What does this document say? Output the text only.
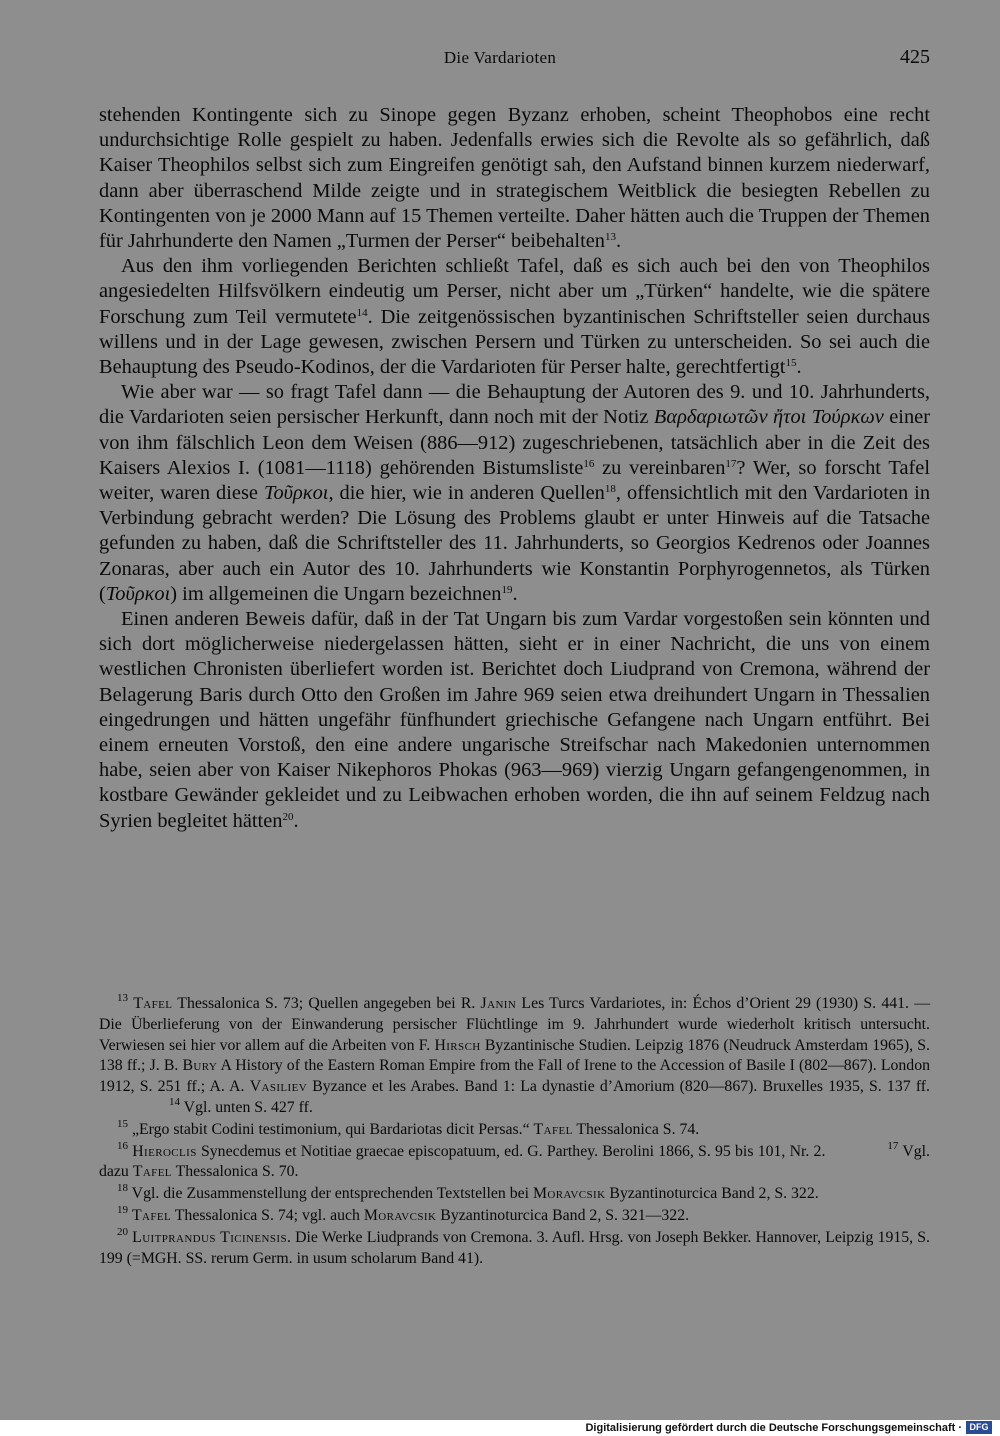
Die Vardarioten	425

stehenden Kontingente sich zu Sinope gegen Byzanz erhoben, scheint Theophobos eine recht undurchsichtige Rolle gespielt zu haben. Jedenfalls erwies sich die Revolte als so gefährlich, daß Kaiser Theophilos selbst sich zum Eingreifen genötigt sah, den Aufstand binnen kurzem niederwarf, dann aber überraschend Milde zeigte und in strategischem Weitblick die besiegten Rebellen zu Kontingenten von je 2000 Mann auf 15 Themen verteilte. Daher hätten auch die Truppen der Themen für Jahrhunderte den Namen „Turmen der Perser“ beibehalten$^{13}$.

Aus den ihm vorliegenden Berichten schließt Tafel, daß es sich auch bei den von Theophilos angesiedelten Hilfsvölkern eindeutig um Perser, nicht aber um „Türken“ handelte, wie die spätere Forschung zum Teil vermutete$^{14}$. Die zeitgenössischen byzantinischen Schriftsteller seien durchaus willens und in der Lage gewesen, zwischen Persern und Türken zu unterscheiden. So sei auch die Behauptung des Pseudo-Kodinos, der die Vardarioten für Perser halte, gerechtfertigt$^{15}$.

Wie aber war — so fragt Tafel dann — die Behauptung der Autoren des 9. und 10. Jahrhunderts, die Vardarioten seien persischer Herkunft, dann noch mit der Notiz Βαρδαριωτῶν ἤτοι Τούρκων einer von ihm fälschlich Leon dem Weisen (886—912) zugeschriebenen, tatsächlich aber in die Zeit des Kaisers Alexios I. (1081—1118) gehörenden Bistumsliste$^{16}$ zu vereinbaren$^{17}$? Wer, so forscht Tafel weiter, waren diese Τοῦρκοι, die hier, wie in anderen Quellen$^{18}$, offensichtlich mit den Vardarioten in Verbindung gebracht werden? Die Lösung des Problems glaubt er unter Hinweis auf die Tatsache gefunden zu haben, daß die Schriftsteller des 11. Jahrhunderts, so Georgios Kedrenos oder Joannes Zonaras, aber auch ein Autor des 10. Jahrhunderts wie Konstantin Porphyrogennetos, als Türken (Τοῦρκοι) im allgemeinen die Ungarn bezeichnen$^{19}$.

Einen anderen Beweis dafür, daß in der Tat Ungarn bis zum Vardar vorgestoßen sein könnten und sich dort möglicherweise niedergelassen hätten, sieht er in einer Nachricht, die uns von einem westlichen Chronisten überliefert worden ist. Berichtet doch Liudprand von Cremona, während der Belagerung Baris durch Otto den Großen im Jahre 969 seien etwa dreihundert Ungarn in Thessalien eingedrungen und hätten ungefähr fünfhundert griechische Gefangene nach Ungarn entführt. Bei einem erneuten Vorstoß, den eine andere ungarische Streifschar nach Makedonien unternommen habe, seien aber von Kaiser Nikephoros Phokas (963—969) vierzig Ungarn gefangengenommen, in kostbare Gewänder gekleidet und zu Leibwachen erhoben worden, die ihn auf seinem Feldzug nach Syrien begleitet hätten$^{20}$.

$^{13}$ Tafel Thessalonica S. 73; Quellen angegeben bei R. Janin Les Turcs Vardariotes, in: Échos d’Orient 29 (1930) S. 441. — Die Überlieferung von der Einwanderung persischer Flüchtlinge im 9. Jahrhundert wurde wiederholt kritisch untersucht. Verwiesen sei hier vor allem auf die Arbeiten von F. Hirsch Byzantinische Studien. Leipzig 1876 (Neudruck Amsterdam 1965), S. 138 ff.; J. B. Bury A History of the Eastern Roman Empire from the Fall of Irene to the Accession of Basile I (802—867). London 1912, S. 251 ff.; A. A. Vasiliev Byzance et les Arabes. Band 1: La dynastie d’Amorium (820—867). Bruxelles 1935, S. 137 ff.$^{14}$ Vgl. unten S. 427 ff.

$^{15}$ „Ergo stabit Codini testimonium, qui Bardariotas dicit Persas.“ Tafel Thessalonica S. 74.

$^{16}$ Hieroclis Synecdemus et Notitiae graecae episcopatuum, ed. G. Parthey. Berolini 1866, S. 95 bis 101, Nr. 2.	$^{17}$ Vgl. dazu Tafel Thessalonica S. 70.

$^{18}$ Vgl. die Zusammenstellung der entsprechenden Textstellen bei Moravcsik Byzantinoturcica Band 2, S. 322.

$^{19}$ Tafel Thessalonica S. 74; vgl. auch Moravcsik Byzantinoturcica Band 2, S. 321—322.

$^{20}$ Luitprandus Ticinensis. Die Werke Liudprands von Cremona. 3. Aufl. Hrsg. von Joseph Bekker. Hannover, Leipzig 1915, S. 199 (=MGH. SS. rerum Germ. in usum scholarum Band 41).

Digitalisierung gefördert durch die Deutsche Forschungsgemeinschaft · DFG
